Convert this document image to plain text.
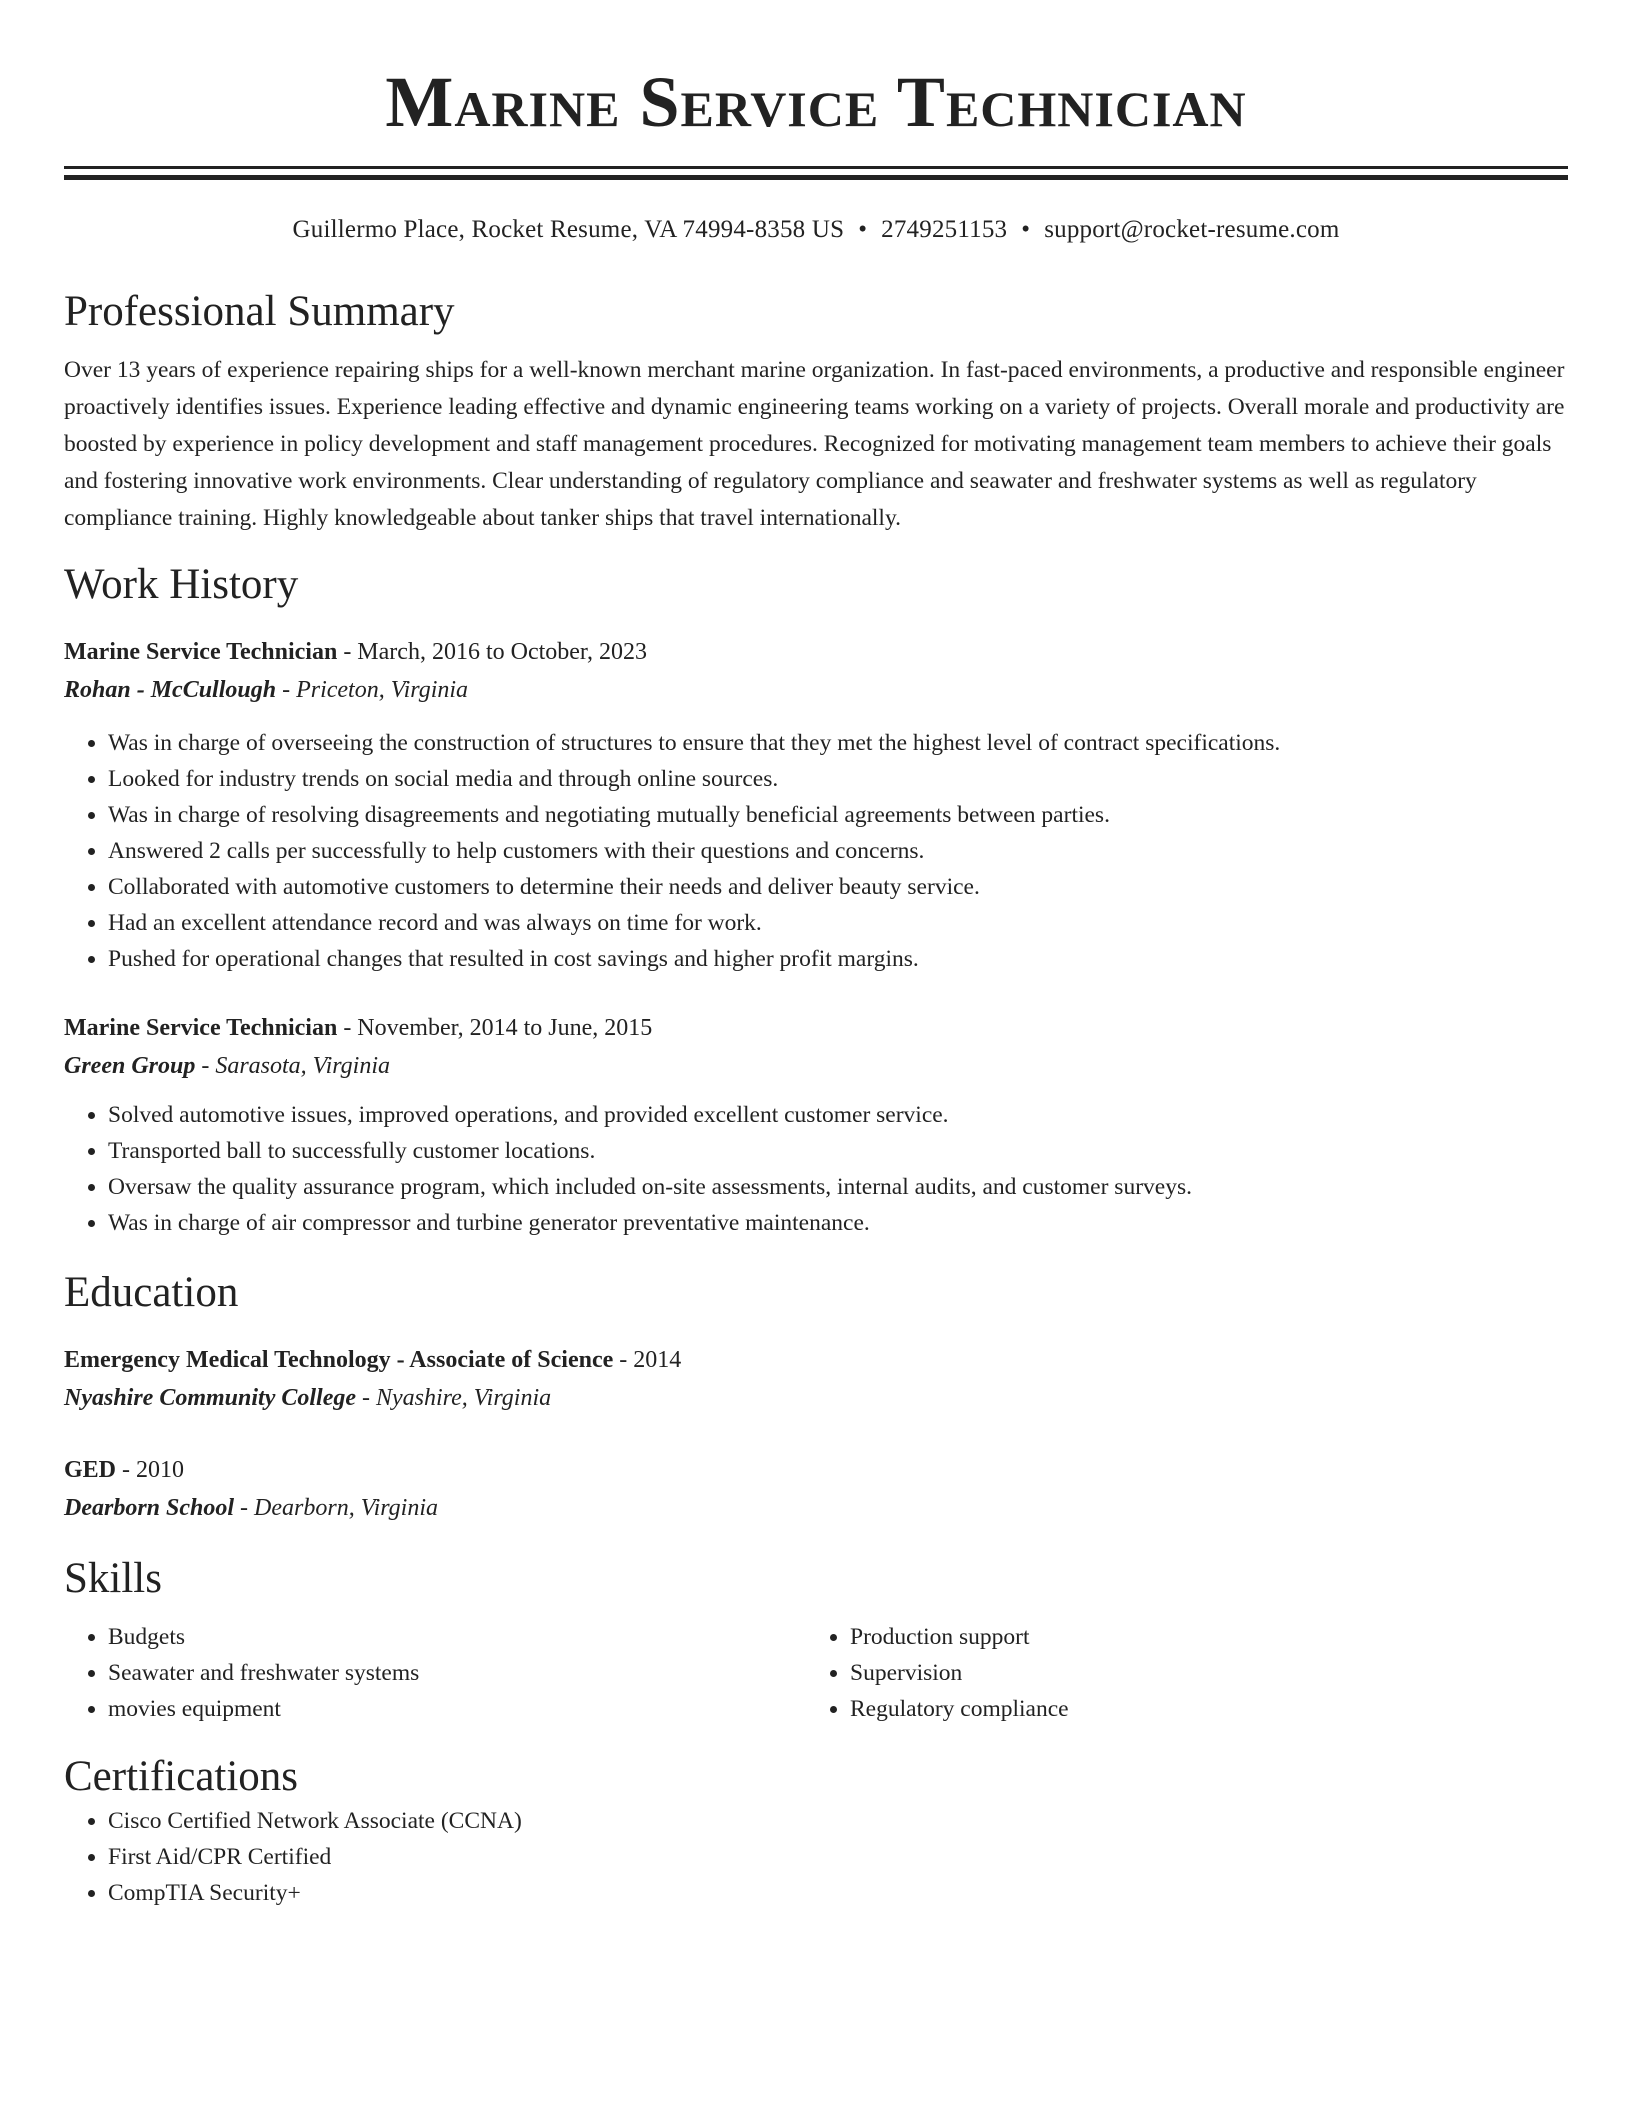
Marine Service Technician
Guillermo Place, Rocket Resume, VA 74994-8358 US • 2749251153 • support@rocket-resume.com
Professional Summary
Over 13 years of experience repairing ships for a well-known merchant marine organization. In fast-paced environments, a productive and responsible engineer proactively identifies issues. Experience leading effective and dynamic engineering teams working on a variety of projects. Overall morale and productivity are boosted by experience in policy development and staff management procedures. Recognized for motivating management team members to achieve their goals and fostering innovative work environments. Clear understanding of regulatory compliance and seawater and freshwater systems as well as regulatory compliance training. Highly knowledgeable about tanker ships that travel internationally.
Work History
Marine Service Technician - March, 2016 to October, 2023
Rohan - McCullough - Priceton, Virginia
• Was in charge of overseeing the construction of structures to ensure that they met the highest level of contract specifications.
• Looked for industry trends on social media and through online sources.
• Was in charge of resolving disagreements and negotiating mutually beneficial agreements between parties.
• Answered 2 calls per successfully to help customers with their questions and concerns.
• Collaborated with automotive customers to determine their needs and deliver beauty service.
• Had an excellent attendance record and was always on time for work.
• Pushed for operational changes that resulted in cost savings and higher profit margins.
Marine Service Technician - November, 2014 to June, 2015
Green Group - Sarasota, Virginia
• Solved automotive issues, improved operations, and provided excellent customer service.
• Transported ball to successfully customer locations.
• Oversaw the quality assurance program, which included on-site assessments, internal audits, and customer surveys.
• Was in charge of air compressor and turbine generator preventative maintenance.
Education
Emergency Medical Technology - Associate of Science - 2014
Nyashire Community College - Nyashire, Virginia
GED - 2010
Dearborn School - Dearborn, Virginia
Skills
• Budgets
• Seawater and freshwater systems
• movies equipment
• Production support
• Supervision
• Regulatory compliance
Certifications
• Cisco Certified Network Associate (CCNA)
• First Aid/CPR Certified
• CompTIA Security+
